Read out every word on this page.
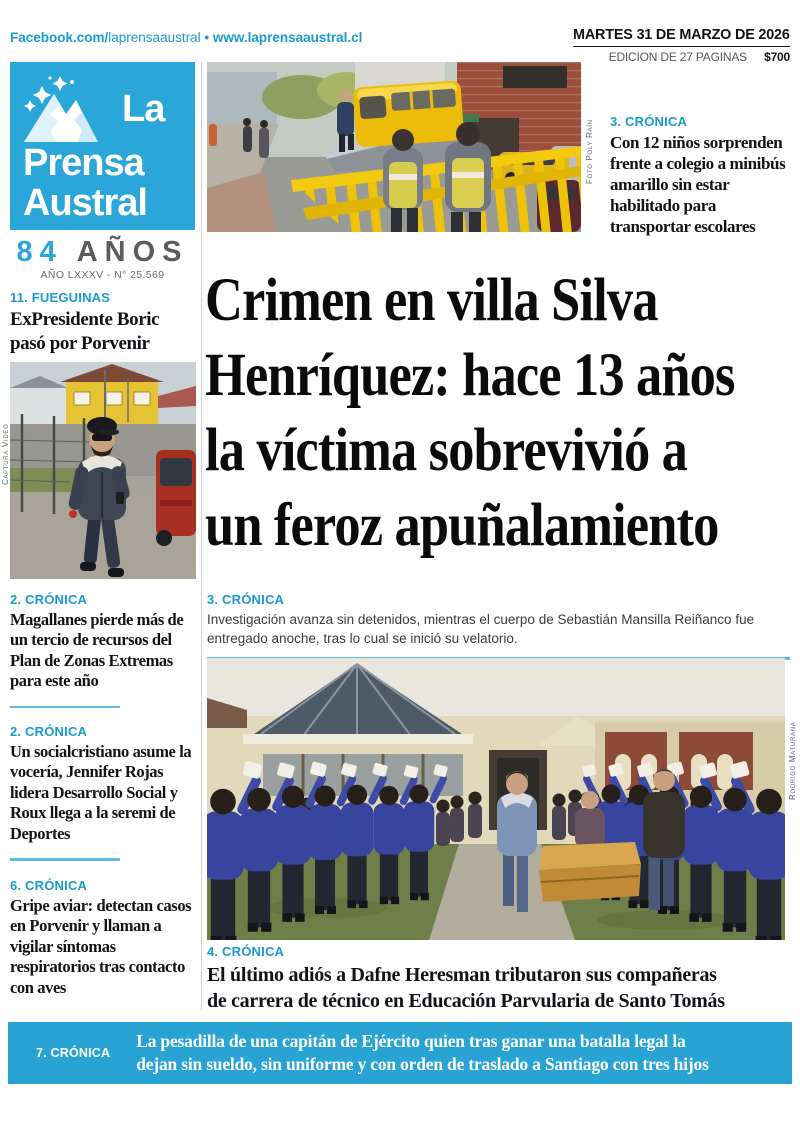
Facebook.com/laprensaaustral • www.laprensaaustral.cl	MARTES 31 DE MARZO DE 2026
EDICION DE 27 PAGINAS $700
La
Prensa
Austral
84 AÑOS
AÑO LXXXV - N° 25.569
Foto Poly Raín 3. CRÓNICA

Con 12 niños sorprenden frente a colegio a minibús amarillo sin estar habilitado para transportar escolares

Crimen en villa Silva
Henríquez: hace 13 años
la víctima sobrevivió a
un feroz apuñalamiento

11. FUEGUINAS

ExPresidente Boric pasó por Porvenir

Captura Video

2. CRÓNICA

Magallanes pierde más de un tercio de recursos del Plan de Zonas Extremas para este año

2. CRÓNICA

Un socialcristiano asume la vocería, Jennifer Rojas lidera Desarrollo Social y Roux llega a la seremi de Deportes

6. CRÓNICA

Gripe aviar: detectan casos en Porvenir y llaman a vigilar síntomas respiratorios tras contacto con aves

3. CRÓNICA

Investigación avanza sin detenidos, mientras el cuerpo de Sebastián Mansilla Reiñanco fue entregado anoche, tras lo cual se inició su velatorio.

Rodrigo Maturana

4. CRÓNICA

El último adiós a Dafne Heresman tributaron sus compañeras
de carrera de técnico en Educación Parvularia de Santo Tomás

7. CRÓNICA

La pesadilla de una capitán de Ejército quien tras ganar una batalla legal la
dejan sin sueldo, sin uniforme y con orden de traslado a Santiago con tres hijos
